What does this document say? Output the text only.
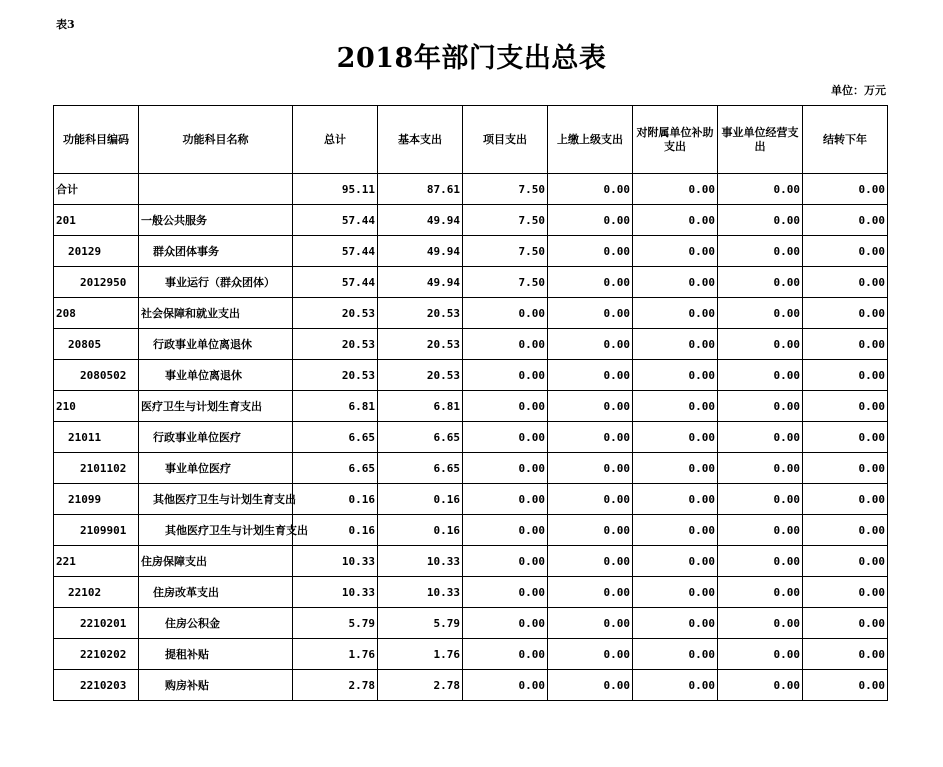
表3
2018年部门支出总表
单位：万元
功能科目编码	功能科目名称	总计	基本支出	项目支出	上缴上级支出	对附属单位补助支出	事业单位经营支出	结转下年
合计		95.11	87.61	7.50	0.00	0.00	0.00	0.00
201	一般公共服务	57.44	49.94	7.50	0.00	0.00	0.00	0.00
20129	群众团体事务	57.44	49.94	7.50	0.00	0.00	0.00	0.00
2012950	事业运行（群众团体）	57.44	49.94	7.50	0.00	0.00	0.00	0.00
208	社会保障和就业支出	20.53	20.53	0.00	0.00	0.00	0.00	0.00
20805	行政事业单位离退休	20.53	20.53	0.00	0.00	0.00	0.00	0.00
2080502	事业单位离退休	20.53	20.53	0.00	0.00	0.00	0.00	0.00
210	医疗卫生与计划生育支出	6.81	6.81	0.00	0.00	0.00	0.00	0.00
21011	行政事业单位医疗	6.65	6.65	0.00	0.00	0.00	0.00	0.00
2101102	事业单位医疗	6.65	6.65	0.00	0.00	0.00	0.00	0.00
21099	其他医疗卫生与计划生育支出	0.16	0.16	0.00	0.00	0.00	0.00	0.00
2109901	其他医疗卫生与计划生育支出	0.16	0.16	0.00	0.00	0.00	0.00	0.00
221	住房保障支出	10.33	10.33	0.00	0.00	0.00	0.00	0.00
22102	住房改革支出	10.33	10.33	0.00	0.00	0.00	0.00	0.00
2210201	住房公积金	5.79	5.79	0.00	0.00	0.00	0.00	0.00
2210202	提租补贴	1.76	1.76	0.00	0.00	0.00	0.00	0.00
2210203	购房补贴	2.78	2.78	0.00	0.00	0.00	0.00	0.00
